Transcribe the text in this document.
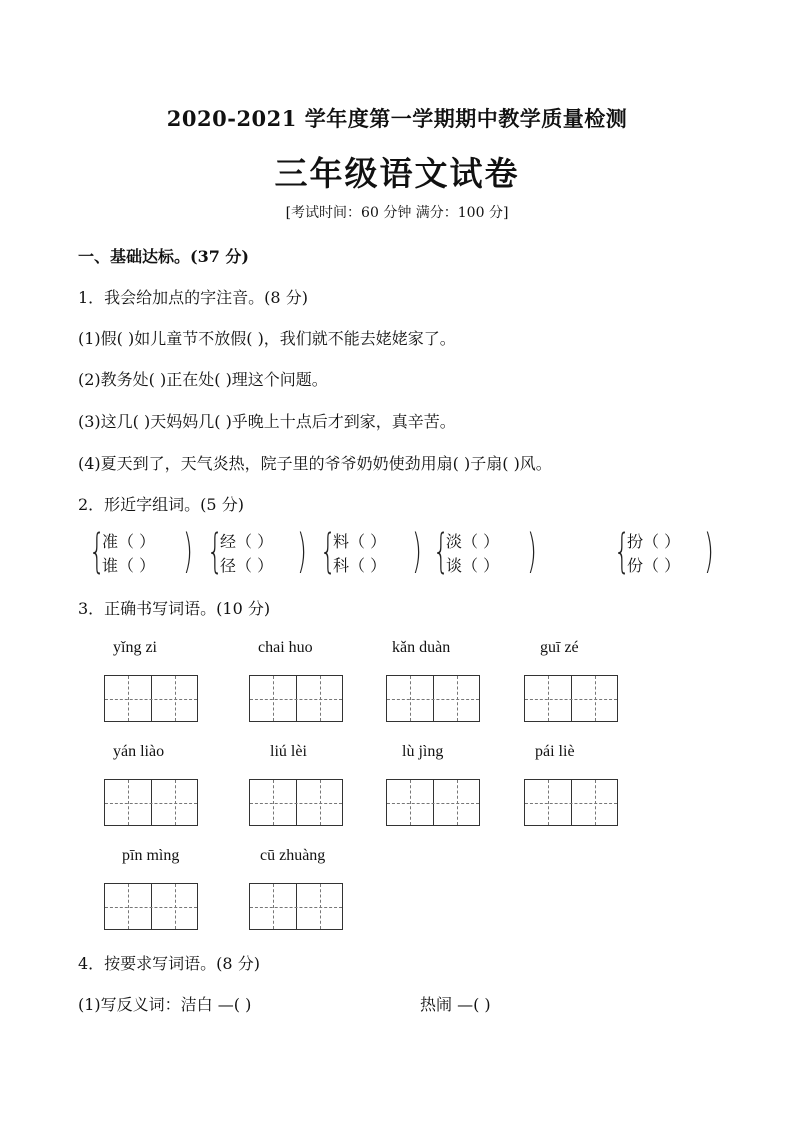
2020-2021 学年度第一学期期中教学质量检测
三年级语文试卷
[考试时间：60 分钟 满分：100 分]
一、基础达标。(37 分)
1．我会给加点的字注音。(8 分)
(1)假( )如儿童节不放假( )，我们就不能去姥姥家了。
(2)教务处( )正在处( )理这个问题。
(3)这几( )天妈妈几( )乎晚上十点后才到家，真辛苦。
(4)夏天到了，天气炎热，院子里的爷爷奶奶使劲用扇( )子扇( )风。
2．形近字组词。(5 分)
{
准（ ）
谁（ ） ) {
经（ ）
径（ ） ) {
料（ ）
科（ ） ) {
淡（ ）
谈（ ） ) {
扮（ ）
份（ ） )
3．正确书写词语。(10 分)
yǐng zi	chai huo	kǎn duàn	guī zé
yán liào	liú lèi	lù jìng	pái liè
pīn mìng	cū zhuàng
4．按要求写词语。(8 分)
(1)写反义词：洁白 —( )	热闹 —( )
